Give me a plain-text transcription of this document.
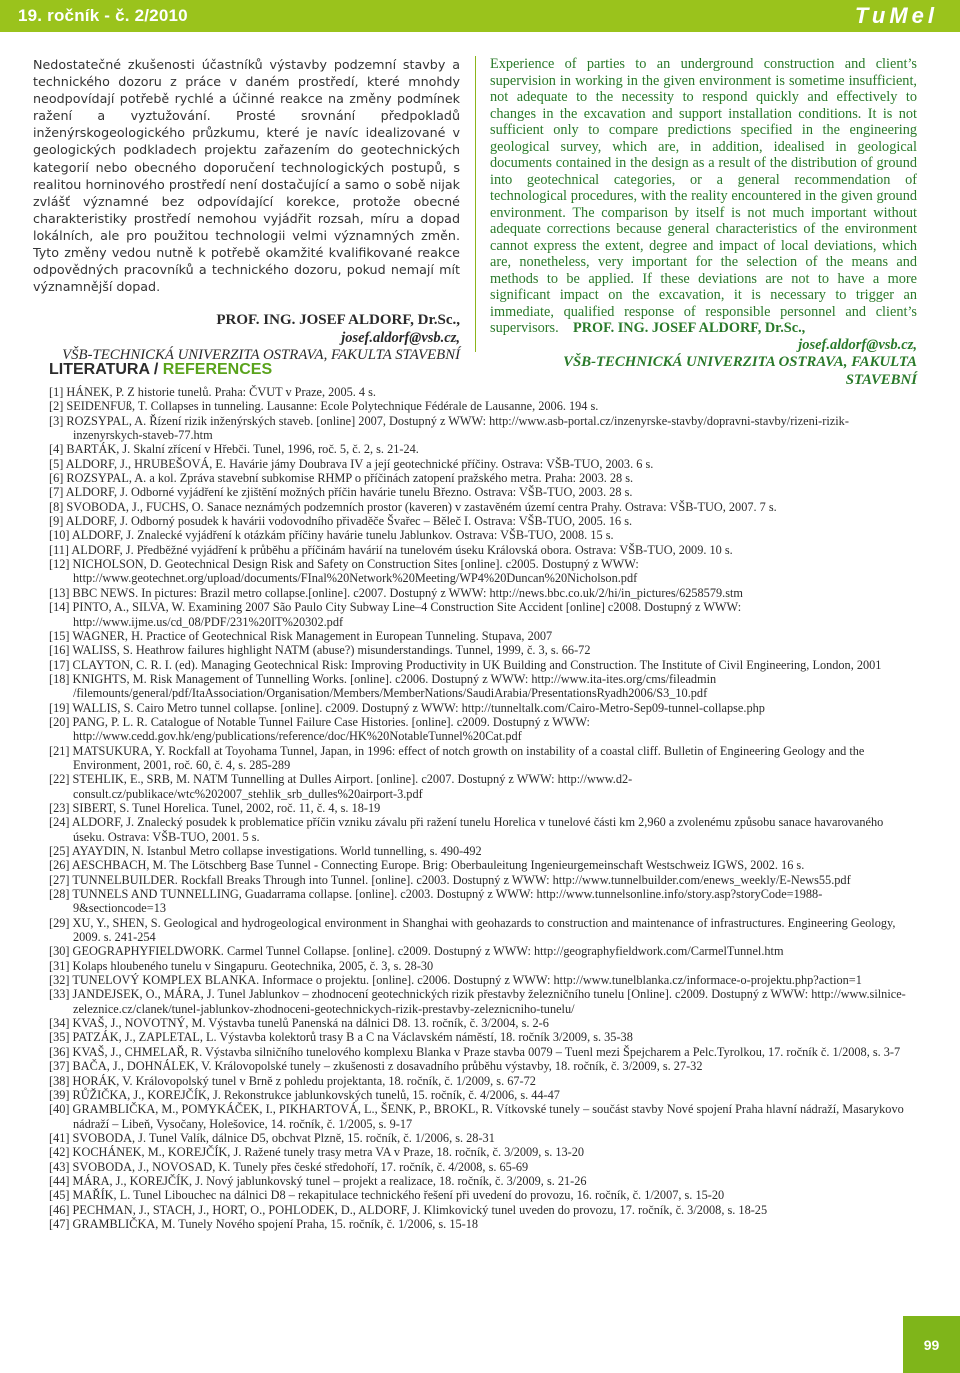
19. ročník - č. 2/2010	TuMel

Nedostatečné zkušenosti účastníků výstavby podzemní stavby a technického dozoru z práce v daném prostředí, které mnohdy neodpovídají potřebě rychlé a účinné reakce na změny podmínek ražení a vyztužování. Prosté srovnání předpokladů inženýrskogeologického průzkumu, které je navíc idealizované v geologických podkladech projektu zařazením do geotechnických kategorií nebo obecného doporučení technologických postupů, s realitou horninového prostředí není dostačující a samo o sobě nijak zvlášť významné bez odpovídající korekce, protože obecné charakteristiky prostředí nemohou vyjádřit rozsah, míru a dopad lokálních, ale pro použitou technologii velmi významných změn. Tyto změny vedou nutně k potřebě okamžité kvalifikované reakce odpovědných pracovníků a technického dozoru, pokud nemají mít významnější dopad.

PROF. ING. JOSEF ALDORF, Dr.Sc.,
josef.aldorf@vsb.cz,
VŠB-TECHNICKÁ UNIVERZITA OSTRAVA, FAKULTA STAVEBNÍ

Experience of parties to an underground construction and client’s supervision in working in the given environment is sometime insufficient, not adequate to the necessity to respond quickly and effectively to changes in the excavation and support installation conditions. It is not sufficient only to compare predictions specified in the engineering geological survey, which are, in addition, idealised in geological documents contained in the design as a result of the distribution of ground into geotechnical categories, or a general recommendation of technological procedures, with the reality encountered in the given ground environment. The comparison by itself is not much important without adequate corrections because general characteristics of the environment cannot express the extent, degree and impact of local deviations, which are, nonetheless, very important for the selection of the means and methods to be applied. If these deviations are not to have a more significant impact on the excavation, it is necessary to trigger an immediate, qualified response of responsible personnel and client’s supervisors. PROF. ING. JOSEF ALDORF, Dr.Sc.,

josef.aldorf@vsb.cz,
VŠB-TECHNICKÁ UNIVERZITA OSTRAVA, FAKULTA STAVEBNÍ
LITERATURA / REFERENCES
[1] HÁNEK, P. Z historie tunelů. Praha: ČVUT v Praze, 2005. 4 s.
[2] SEIDENFUß, T. Collapses in tunneling. Lausanne: Ecole Polytechnique Fédérale de Lausanne, 2006. 194 s.
[3] ROZSYPAL, A. Řízení rizik inženýrských staveb. [online] 2007, Dostupný z WWW: http://www.asb-portal.cz/inzenyrske-stavby/dopravni-stavby/rizeni-rizik-inzenyrskych-staveb-77.htm
[4] BARTÁK, J. Skalní zřícení v Hřebči. Tunel, 1996, roč. 5, č. 2, s. 21-24.
[5] ALDORF, J., HRUBEŠOVÁ, E. Havárie jámy Doubrava IV a její geotechnické příčiny. Ostrava: VŠB-TUO, 2003. 6 s.
[6] ROZSYPAL, A. a kol. Zpráva stavební subkomise RHMP o příčinách zatopení pražského metra. Praha: 2003. 28 s.
[7] ALDORF, J. Odborné vyjádření ke zjištění možných příčin havárie tunelu Březno. Ostrava: VŠB-TUO, 2003. 28 s.
[8] SVOBODA, J., FUCHS, O. Sanace neznámých podzemních prostor (kaveren) v zastavěném území centra Prahy. Ostrava: VŠB-TUO, 2007. 7 s.
[9] ALDORF, J. Odborný posudek k havárii vodovodního přivaděče Švařec – Běleč I. Ostrava: VŠB-TUO, 2005. 16 s.
[10] ALDORF, J. Znalecké vyjádření k otázkám příčiny havárie tunelu Jablunkov. Ostrava: VŠB-TUO, 2008. 15 s.
[11] ALDORF, J. Předběžné vyjádření k průběhu a příčinám havárií na tunelovém úseku Královská obora. Ostrava: VŠB-TUO, 2009. 10 s.
[12] NICHOLSON, D. Geotechnical Design Risk and Safety on Construction Sites [online]. c2005. Dostupný z WWW: http://www.geotechnet.org/upload/documents/FInal%20Network%20Meeting/WP4%20Duncan%20Nicholson.pdf
[13] BBC NEWS. In pictures: Brazil metro collapse.[online]. c2007. Dostupný z WWW: http://news.bbc.co.uk/2/hi/in_pictures/6258579.stm
[14] PINTO, A., SILVA, W. Examining 2007 São Paulo City Subway Line–4 Construction Site Accident [online] c2008. Dostupný z WWW: http://www.ijme.us/cd_08/PDF/231%20IT%20302.pdf
[15] WAGNER, H. Practice of Geotechnical Risk Management in European Tunneling. Stupava, 2007
[16] WALISS, S. Heathrow failures highlight NATM (abuse?) misunderstandings. Tunnel, 1999, č. 3, s. 66-72
[17] CLAYTON, C. R. I. (ed). Managing Geotechnical Risk: Improving Productivity in UK Building and Construction. The Institute of Civil Engineering, London, 2001
[18] KNIGHTS, M. Risk Management of Tunnelling Works. [online]. c2006. Dostupný z WWW: http://www.ita-ites.org/cms/fileadmin /filemounts/general/pdf/ItaAssociation/Organisation/Members/MemberNations/SaudiArabia/PresentationsRyadh2006/S3_10.pdf
[19] WALLIS, S. Cairo Metro tunnel collapse. [online]. c2009. Dostupný z WWW: http://tunneltalk.com/Cairo-Metro-Sep09-tunnel-collapse.php
[20] PANG, P. L. R. Catalogue of Notable Tunnel Failure Case Histories. [online]. c2009. Dostupný z WWW: http://www.cedd.gov.hk/eng/publications/reference/doc/HK%20NotableTunnel%20Cat.pdf
[21] MATSUKURA, Y. Rockfall at Toyohama Tunnel, Japan, in 1996: effect of notch growth on instability of a coastal cliff. Bulletin of Engineering Geology and the Environment, 2001, roč. 60, č. 4, s. 285-289
[22] STEHLIK, E., SRB, M. NATM Tunnelling at Dulles Airport. [online]. c2007. Dostupný z WWW: http://www.d2-consult.cz/publikace/wtc%202007_stehlik_srb_dulles%20airport-3.pdf
[23] SIBERT, S. Tunel Horelica. Tunel, 2002, roč. 11, č. 4, s. 18-19
[24] ALDORF, J. Znalecký posudek k problematice příčin vzniku závalu při ražení tunelu Horelica v tunelové části km 2,960 a zvolenému způsobu sanace havarovaného úseku. Ostrava: VŠB-TUO, 2001. 5 s.
[25] AYAYDIN, N. Istanbul Metro collapse investigations. World tunnelling, s. 490-492
[26] AESCHBACH, M. The Lötschberg Base Tunnel - Connecting Europe. Brig: Oberbauleitung Ingenieurgemeinschaft Westschweiz IGWS, 2002. 16 s.
[27] TUNNELBUILDER. Rockfall Breaks Through into Tunnel. [online]. c2003. Dostupný z WWW: http://www.tunnelbuilder.com/enews_weekly/E-News55.pdf
[28] TUNNELS AND TUNNELLING, Guadarrama collapse. [online]. c2003. Dostupný z WWW: http://www.tunnelsonline.info/story.asp?storyCode=1988-9&sectioncode=13
[29] XU, Y., SHEN, S. Geological and hydrogeological environment in Shanghai with geohazards to construction and maintenance of infrastructures. Engineering Geology, 2009. s. 241-254
[30] GEOGRAPHYFIELDWORK. Carmel Tunnel Collapse. [online]. c2009. Dostupný z WWW: http://geographyfieldwork.com/CarmelTunnel.htm
[31] Kolaps hloubeného tunelu v Singapuru. Geotechnika, 2005, č. 3, s. 28-30
[32] TUNELOVÝ KOMPLEX BLANKA. Informace o projektu. [online]. c2006. Dostupný z WWW: http://www.tunelblanka.cz/informace-o-projektu.php?action=1
[33] JANDEJSEK, O., MÁRA, J. Tunel Jablunkov – zhodnocení geotechnických rizik přestavby železničního tunelu [Online]. c2009. Dostupný z WWW: http://www.silnice-zeleznice.cz/clanek/tunel-jablunkov-zhodnoceni-geotechnickych-rizik-prestavby-zeleznicniho-tunelu/
[34] KVAŠ, J., NOVOTNÝ, M. Výstavba tunelů Panenská na dálnici D8. 13. ročník, č. 3/2004, s. 2-6
[35] PATZÁK, J., ZAPLETAL, L. Výstavba kolektorů trasy B a C na Václavském náměstí, 18. ročník 3/2009, s. 35-38
[36] KVAŠ, J., CHMELAŘ, R. Výstavba silničního tunelového komplexu Blanka v Praze stavba 0079 – Tuenl mezi Špejcharem a Pelc.Tyrolkou, 17. ročník č. 1/2008, s. 3-7
[37] BAČA, J., DOHNÁLEK, V. Královopolské tunely – zkušenosti z dosavadního průběhu výstavby, 18. ročník, č. 3/2009, s. 27-32
[38] HORÁK, V. Královopolský tunel v Brně z pohledu projektanta, 18. ročník, č. 1/2009, s. 67-72
[39] RŮŽIČKA, J., KOREJČÍK, J. Rekonstrukce jablunkovských tunelů, 15. ročník, č. 4/2006, s. 44-47
[40] GRAMBLIČKA, M., POMYKÁČEK, I., PIKHARTOVÁ, L., ŠENK, P., BROKL, R. Vítkovské tunely – součást stavby Nové spojení Praha hlavní nádraží, Masarykovo nádraží – Libeň, Vysočany, Holešovice, 14. ročník, č. 1/2005, s. 9-17
[41] SVOBODA, J. Tunel Valík, dálnice D5, obchvat Plzně, 15. ročník, č. 1/2006, s. 28-31
[42] KOCHÁNEK, M., KOREJČÍK, J. Ražené tunely trasy metra VA v Praze, 18. ročník, č. 3/2009, s. 13-20
[43] SVOBODA, J., NOVOSAD, K. Tunely přes české středohoří, 17. ročník, č. 4/2008, s. 65-69
[44] MÁRA, J., KOREJČÍK, J. Nový jablunkovský tunel – projekt a realizace, 18. ročník, č. 3/2009, s. 21-26
[45] MAŘÍK, L. Tunel Libouchec na dálnici D8 – rekapitulace technického řešení při uvedení do provozu, 16. ročník, č. 1/2007, s. 15-20
[46] PECHMAN, J., STACH, J., HORT, O., POHLODEK, D., ALDORF, J. Klimkovický tunel uveden do provozu, 17. ročník, č. 3/2008, s. 18-25
[47] GRAMBLIČKA, M. Tunely Nového spojení Praha, 15. ročník, č. 1/2006, s. 15-18
99
